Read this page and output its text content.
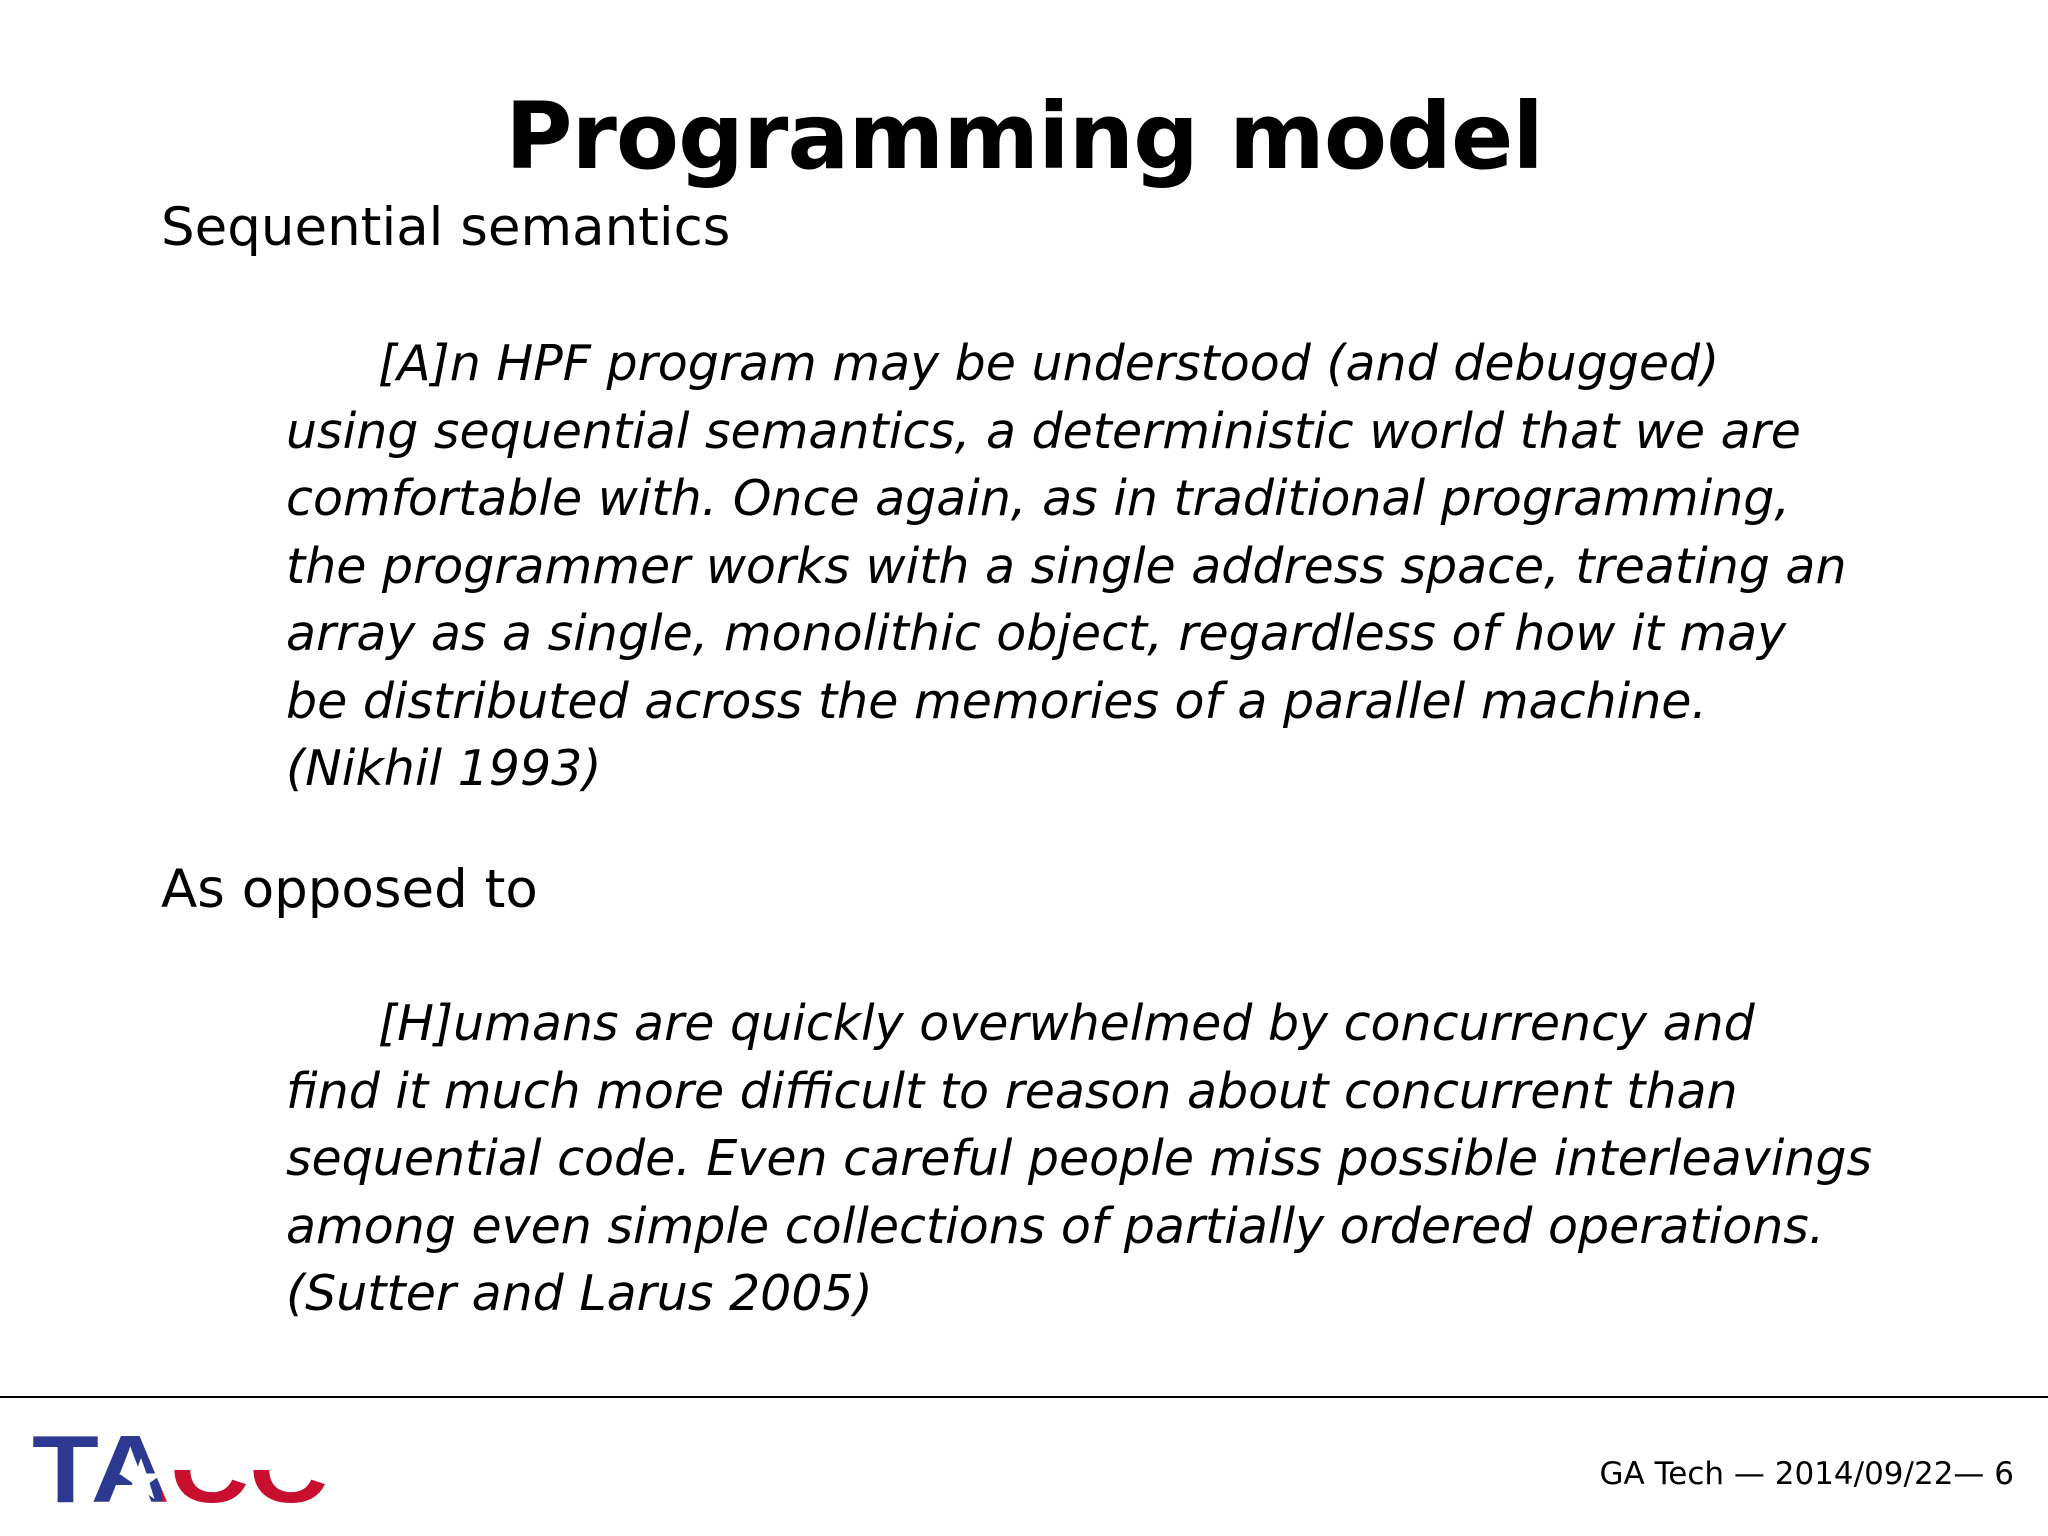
Programming model

Sequential semantics

[A]n HPF program may be understood (and debugged)
using sequential semantics, a deterministic world that we are
comfortable with. Once again, as in traditional programming,
the programmer works with a single address space, treating an
array as a single, monolithic object, regardless of how it may
be distributed across the memories of a parallel machine.
(Nikhil 1993)

As opposed to

[H]umans are quickly overwhelmed by concurrency and
find it much more difficult to reason about concurrent than
sequential code. Even careful people miss possible interleavings
among even simple collections of partially ordered operations.
(Sutter and Larus 2005)
GA Tech — 2014/09/22— 6
